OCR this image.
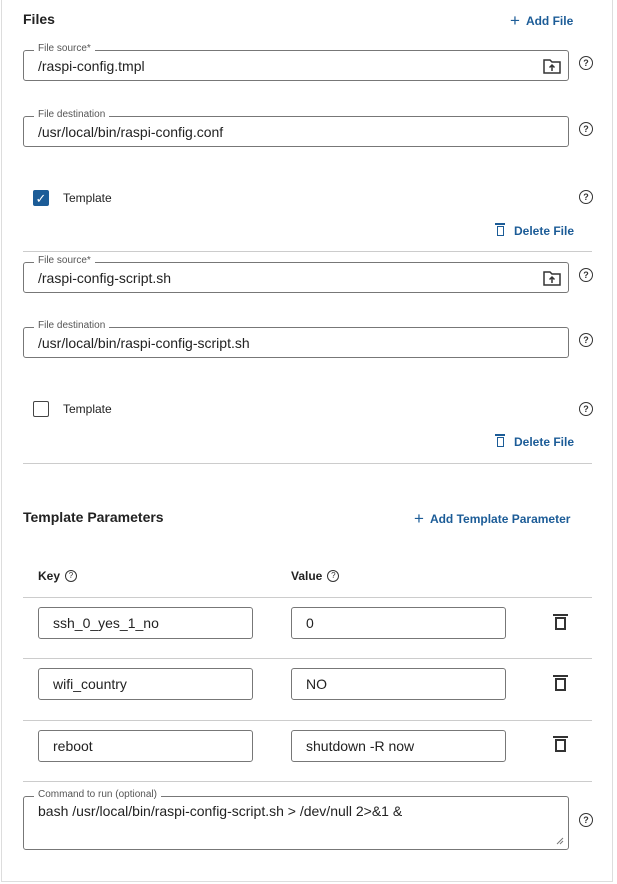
Files	+ Add File
File source*
/raspi-config.tmpl	?
File destination
/usr/local/bin/raspi-config.conf	?
✓ Template	?
Delete File
File source*
/raspi-config-script.sh	?
File destination
/usr/local/bin/raspi-config-script.sh	?
Template	?
Delete File
Template Parameters	+ Add Template Parameter
Key	?	Value	?
ssh_0_yes_1_no	0
wifi_country	NO
reboot	shutdown -R now
Command to run (optional)
bash /usr/local/bin/raspi-config-script.sh > /dev/null 2>&1 &
?
